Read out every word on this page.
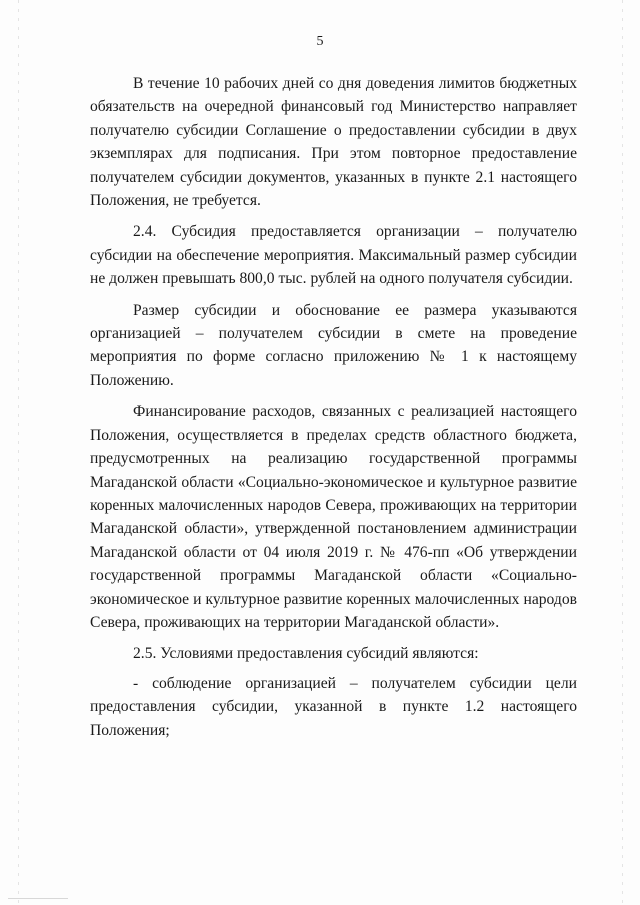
5

В течение 10 рабочих дней со дня доведения лимитов бюджетных обязательств на очередной финансовый год Министерство направляет получателю субсидии Соглашение о предоставлении субсидии в двух экземплярах для подписания. При этом повторное предоставление получателем субсидии документов, указанных в пункте 2.1 настоящего Положения, не требуется.

2.4. Субсидия предоставляется организации – получателю субсидии на обеспечение мероприятия. Максимальный размер субсидии не должен превышать 800,0 тыс. рублей на одного получателя субсидии.

Размер субсидии и обоснование ее размера указываются организацией – получателем субсидии в смете на проведение мероприятия по форме согласно приложению № 1 к настоящему Положению.

Финансирование расходов, связанных с реализацией настоящего Положения, осуществляется в пределах средств областного бюджета, предусмотренных на реализацию государственной программы Магаданской области «Социально-экономическое и культурное развитие коренных малочисленных народов Севера, проживающих на территории Магаданской области», утвержденной постановлением администрации Магаданской области от 04 июля 2019 г. № 476-пп «Об утверждении государственной программы Магаданской области «Социально-экономическое и культурное развитие коренных малочисленных народов Севера, проживающих на территории Магаданской области».

2.5. Условиями предоставления субсидий являются:

- соблюдение организацией – получателем субсидии цели предоставления субсидии, указанной в пункте 1.2 настоящего Положения;
